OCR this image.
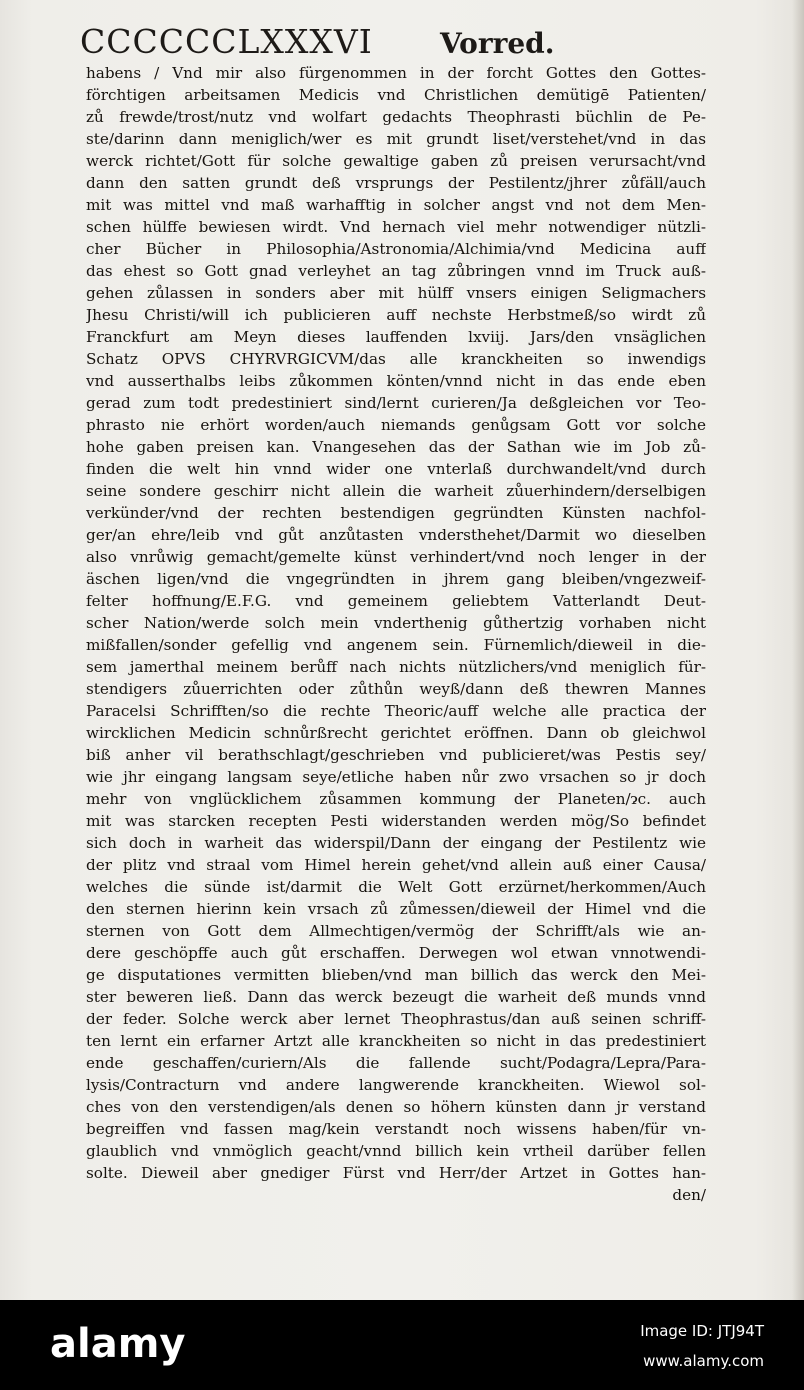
CCCCCCLXXXVI Vorred.
habens / Vnd mir also fürgenommen in der forcht Gottes den Gottes-
förchtigen arbeitsamen Medicis vnd Christlichen demütigē Patienten/
zů frewde/trost/nutz vnd wolfart gedachts Theophrasti büchlin de Pe-
ste/darinn dann meniglich/wer es mit grundt liset/verstehet/vnd in das
werck richtet/Gott für solche gewaltige gaben zů preisen verursacht/vnd
dann den satten grundt deß vrsprungs der Pestilentz/jhrer zůfäll/auch
mit was mittel vnd maß warhafftig in solcher angst vnd not dem Men-
schen hülffe bewiesen wirdt. Vnd hernach viel mehr notwendiger nützli-
cher Bücher in Philosophia/Astronomia/Alchimia/vnd Medicina auff
das ehest so Gott gnad verleyhet an tag zůbringen vnnd im Truck auß-
gehen zůlassen in sonders aber mit hülff vnsers einigen Seligmachers
Jhesu Christi/will ich publicieren auff nechste Herbstmeß/so wirdt zů
Franckfurt am Meyn dieses lauffenden lxviij. Jars/den vnsäglichen
Schatz OPVS CHYRVRGICVM/das alle kranckheiten so inwendigs
vnd ausserthalbs leibs zůkommen könten/vnnd nicht in das ende eben
gerad zum todt predestiniert sind/lernt curieren/Ja deßgleichen vor Teo-
phrasto nie erhört worden/auch niemands genůgsam Gott vor solche
hohe gaben preisen kan. Vnangesehen das der Sathan wie im Job zů-
finden die welt hin vnnd wider one vnterlaß durchwandelt/vnd durch
seine sondere geschirr nicht allein die warheit zůuerhindern/derselbigen
verkünder/vnd der rechten bestendigen gegründten Künsten nachfol-
ger/an ehre/leib vnd gůt anzůtasten vndersthehet/Darmit wo dieselben
also vnrůwig gemacht/gemelte künst verhindert/vnd noch lenger in der
äschen ligen/vnd die vngegründten in jhrem gang bleiben/vngezweif-
felter hoffnung/E.F.G. vnd gemeinem geliebtem Vatterlandt Deut-
scher Nation/werde solch mein vnderthenig gůthertzig vorhaben nicht
mißfallen/sonder gefellig vnd angenem sein. Fürnemlich/dieweil in die-
sem jamerthal meinem berůff nach nichts nützlichers/vnd meniglich für-
stendigers zůuerrichten oder zůthůn weyß/dann deß thewren Mannes
Paracelsi Schrifften/so die rechte Theoric/auff welche alle practica der
wircklichen Medicin schnůrßrecht gerichtet eröffnen. Dann ob gleichwol
biß anher vil berathschlagt/geschrieben vnd publicieret/was Pestis sey/
wie jhr eingang langsam seye/etliche haben nůr zwo vrsachen so jr doch
mehr von vnglücklichem zůsammen kommung der Planeten/ɂc. auch
mit was starcken recepten Pesti widerstanden werden mög/So befindet
sich doch in warheit das widerspil/Dann der eingang der Pestilentz wie
der plitz vnd straal vom Himel herein gehet/vnd allein auß einer Causa/
welches die sünde ist/darmit die Welt Gott erzürnet/herkommen/Auch
den sternen hierinn kein vrsach zů zůmessen/dieweil der Himel vnd die
sternen von Gott dem Allmechtigen/vermög der Schrifft/als wie an-
dere geschöpffe auch gůt erschaffen. Derwegen wol etwan vnnotwendi-
ge disputationes vermitten blieben/vnd man billich das werck den Mei-
ster beweren ließ. Dann das werck bezeugt die warheit deß munds vnnd
der feder. Solche werck aber lernet Theophrastus/dan auß seinen schriff-
ten lernt ein erfarner Artzt alle kranckheiten so nicht in das predestiniert
ende geschaffen/curiern/Als die fallende sucht/Podagra/Lepra/Para-
lysis/Contracturn vnd andere langwerende kranckheiten. Wiewol sol-
ches von den verstendigen/als denen so höhern künsten dann jr verstand
begreiffen vnd fassen mag/kein verstandt noch wissens haben/für vn-
glaublich vnd vnmöglich geacht/vnnd billich kein vrtheil darüber fellen
solte. Dieweil aber gnediger Fürst vnd Herr/der Artzet in Gottes han-
den/
alamy	Image ID: JTJ94T
www.alamy.com
